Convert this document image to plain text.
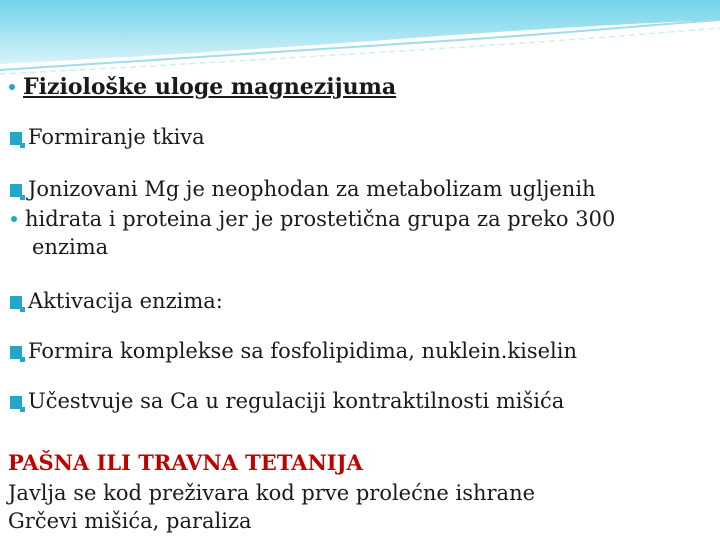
Fiziološke uloge magnezijuma
Formiranje tkiva
Jonizovani Mg je neophodan za metabolizam ugljenih
hidrata i proteina jer je prostetična grupa za preko 300
enzima
Aktivacija enzima:
Formira komplekse sa fosfolipidima, nuklein.kiselin
Učestvuje sa Ca u regulaciji kontraktilnosti mišića
PAŠNA ILI TRAVNA TETANIJA
Javlja se kod preživara kod prve prolećne ishrane
Grčevi mišića, paraliza
